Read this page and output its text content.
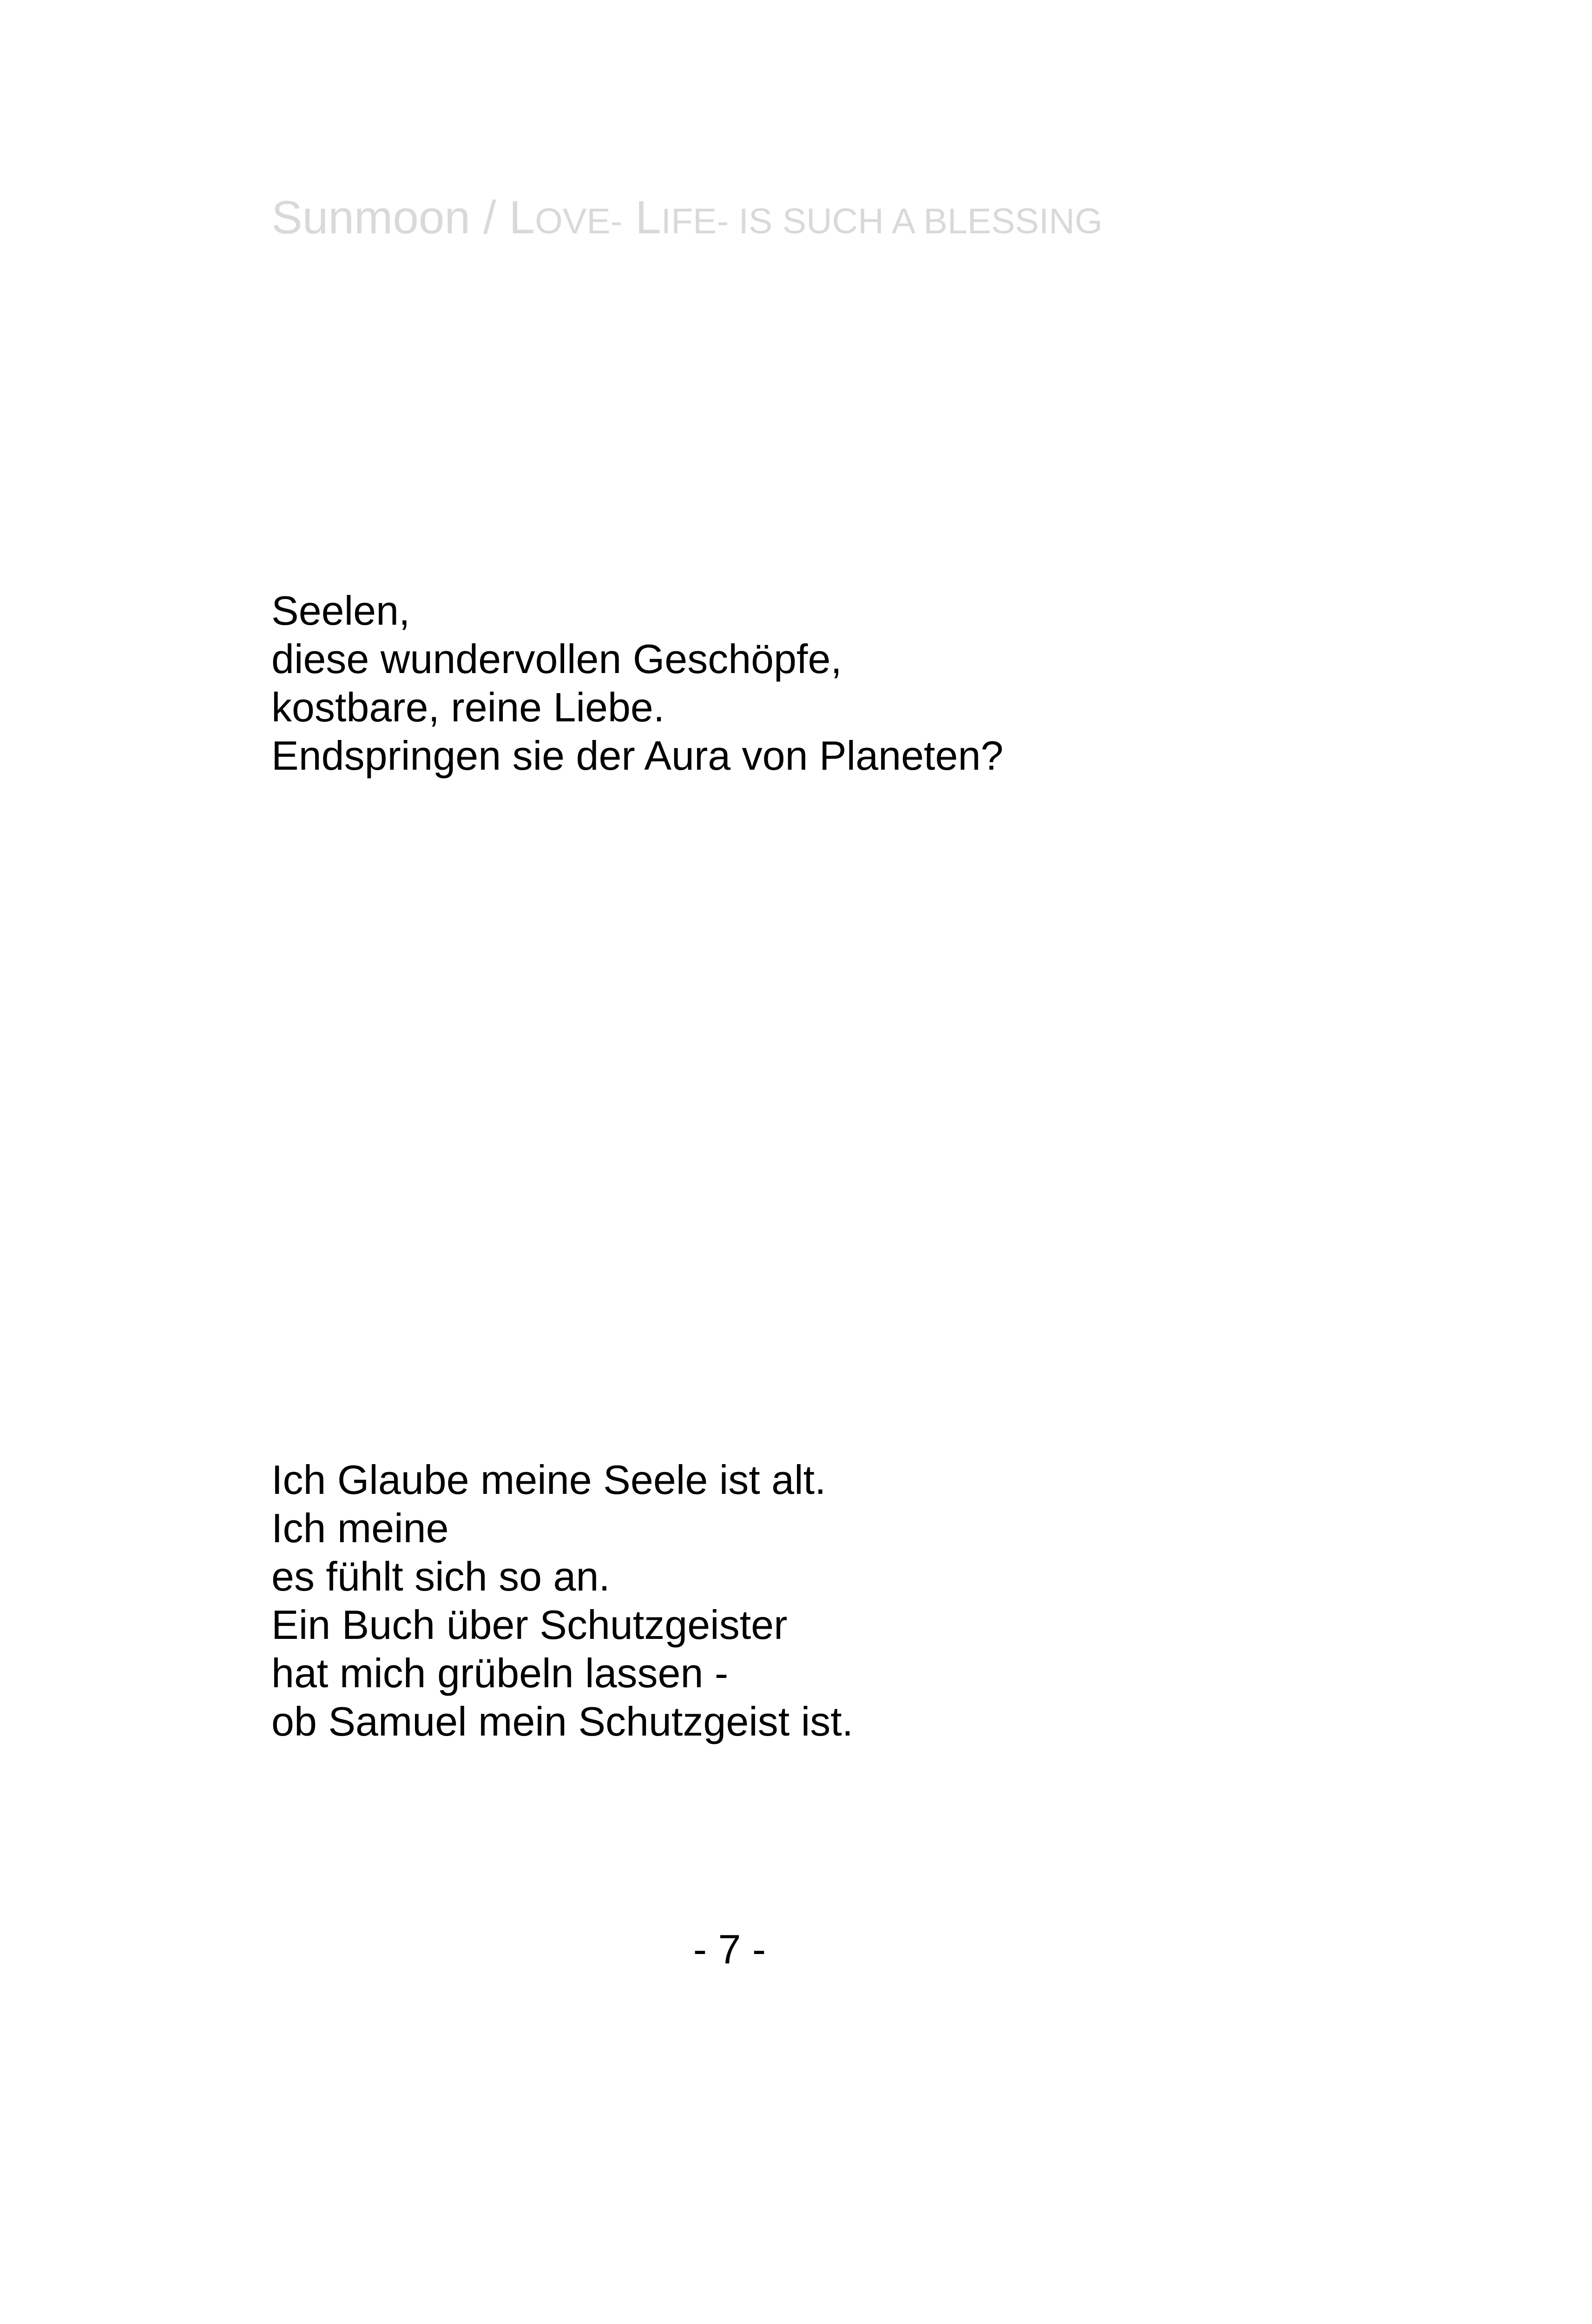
Sunmoon / LOVE- LIFE- IS SUCH A BLESSING
Seelen,
diese wundervollen Geschöpfe,
kostbare, reine Liebe.
Endspringen sie der Aura von Planeten?
Ich Glaube meine Seele ist alt.
Ich meine
es fühlt sich so an.
Ein Buch über Schutzgeister
hat mich grübeln lassen -
ob Samuel mein Schutzgeist ist.
- 7 -
